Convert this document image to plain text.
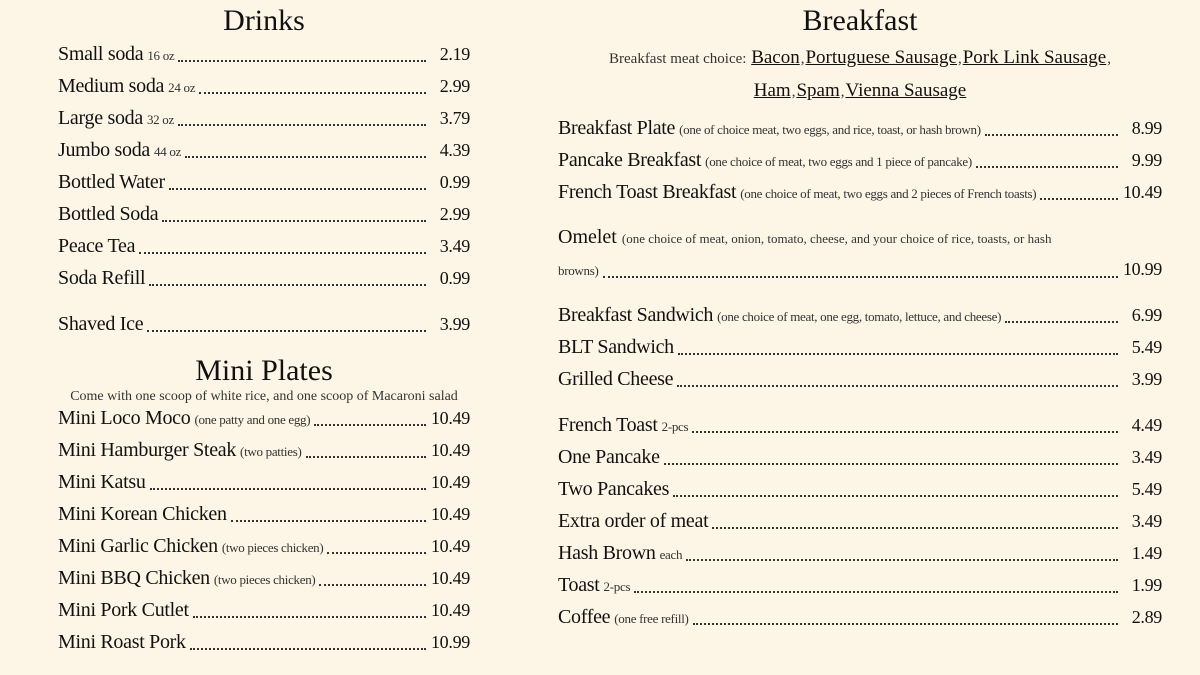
Drinks
Small soda 16 oz	2.19
Medium soda 24 oz	2.99
Large soda 32 oz	3.79
Jumbo soda 44 oz	4.39
Bottled Water	0.99
Bottled Soda	2.99
Peace Tea	3.49
Soda Refill	0.99
Shaved Ice	3.99
Mini Plates
Come with one scoop of white rice, and one scoop of Macaroni salad
Mini Loco Moco (one patty and one egg)	10.49
Mini Hamburger Steak (two patties)	10.49
Mini Katsu	10.49
Mini Korean Chicken	10.49
Mini Garlic Chicken (two pieces chicken)	10.49
Mini BBQ Chicken (two pieces chicken)	10.49
Mini Pork Cutlet	10.49
Mini Roast Pork	10.99
Breakfast
Breakfast meat choice: Bacon,Portuguese Sausage,Pork Link Sausage,
Ham,Spam,Vienna Sausage
Breakfast Plate (one of choice meat, two eggs, and rice, toast, or hash brown)	8.99
Pancake Breakfast (one choice of meat, two eggs and 1 piece of pancake)	9.99
French Toast Breakfast (one choice of meat, two eggs and 2 pieces of French toasts)	10.49
Omelet (one choice of meat, onion, tomato, cheese, and your choice of rice, toasts, or hash
browns)	10.99
Breakfast Sandwich (one choice of meat, one egg, tomato, lettuce, and cheese)	6.99
BLT Sandwich	5.49
Grilled Cheese	3.99
French Toast 2-pcs	4.49
One Pancake	3.49
Two Pancakes	5.49
Extra order of meat	3.49
Hash Brown each	1.49
Toast 2-pcs	1.99
Coffee (one free refill)	2.89
